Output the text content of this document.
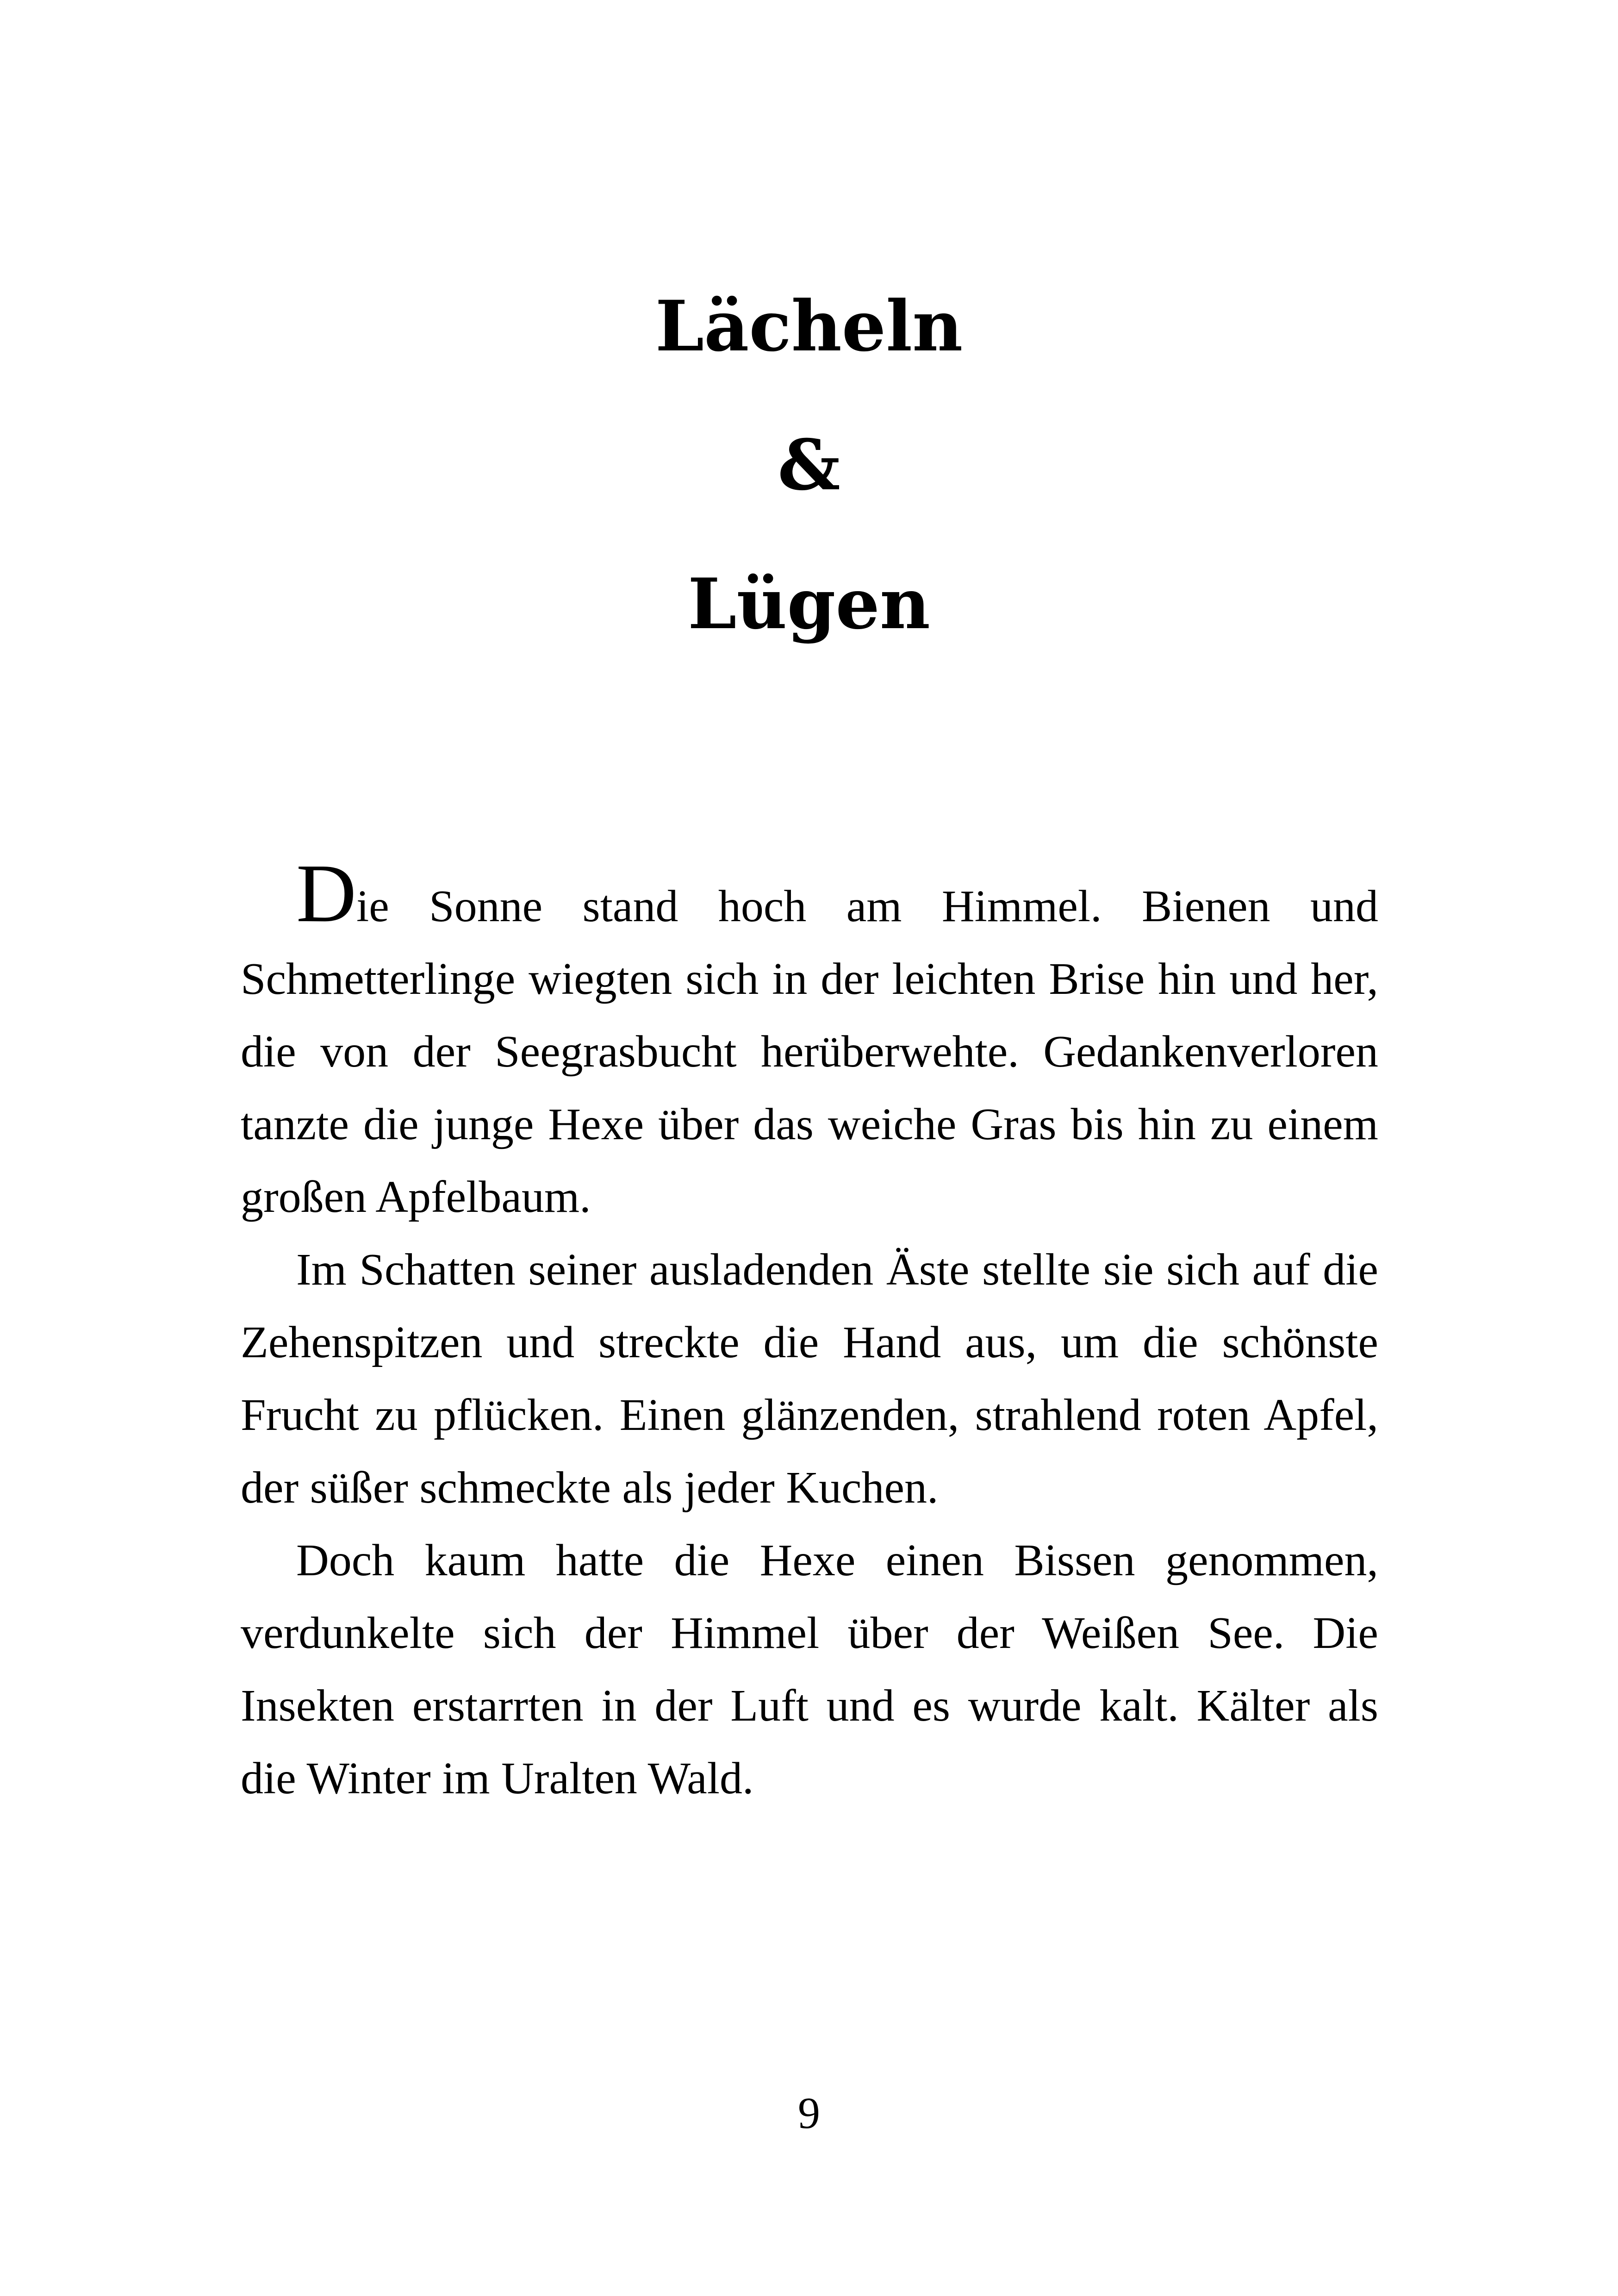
Lächeln
&
Lügen

Die Sonne stand hoch am Himmel. Bienen und Schmetterlinge wiegten sich in der leichten Brise hin und her, die von der Seegrasbucht herüberwehte. Gedankenverloren tanzte die junge Hexe über das weiche Gras bis hin zu einem großen Apfelbaum.

Im Schatten seiner ausladenden Äste stellte sie sich auf die Zehenspitzen und streckte die Hand aus, um die schönste Frucht zu pflücken. Einen glänzenden, strahlend roten Apfel, der süßer schmeckte als jeder Kuchen.

Doch kaum hatte die Hexe einen Bissen genommen, verdunkelte sich der Himmel über der Weißen See. Die Insekten erstarrten in der Luft und es wurde kalt. Kälter als die Winter im Uralten Wald.

9
